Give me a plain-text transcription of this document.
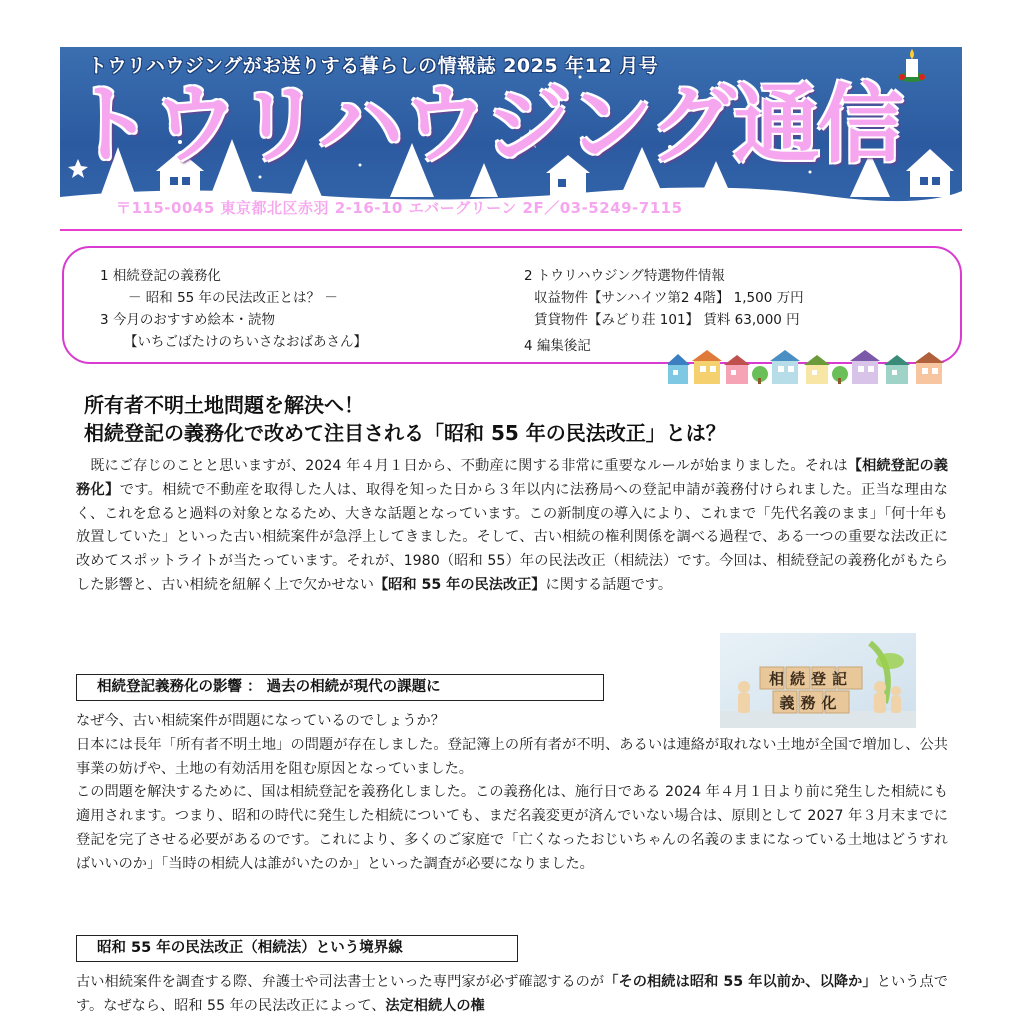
トウリハウジングがお送りする暮らしの情報誌 2025 年12 月号
トウリハウジング通信
〒115-0045 東京都北区赤羽 2-16-10 エバーグリーン 2F／03-5249-7115
1 相続登記の義務化
－ 昭和 55 年の民法改正とは？ －
3 今月のおすすめ絵本・読物
【いちごばたけのちいさなおばあさん】
2 トウリハウジング特選物件情報
収益物件【サンハイツ第2 4階】 1,500 万円
賃貸物件【みどり荘 101】 賃料 63,000 円
4 編集後記
所有者不明土地問題を解決へ！
相続登記の義務化で改めて注目される「昭和 55 年の民法改正」とは？
既にご存じのことと思いますが、2024 年４月１日から、不動産に関する非常に重要なルールが始まりました。それは【相続登記の義務化】です。相続で不動産を取得した人は、取得を知った日から３年以内に法務局への登記申請が義務付けられました。正当な理由なく、これを怠ると過料の対象となるため、大きな話題となっています。この新制度の導入により、これまで「先代名義のまま」「何十年も放置していた」といった古い相続案件が急浮上してきました。そして、古い相続の権利関係を調べる過程で、ある一つの重要な法改正に改めてスポットライトが当たっています。それが、1980（昭和 55）年の民法改正（相続法）です。今回は、相続登記の義務化がもたらした影響と、古い相続を紐解く上で欠かせない【昭和 55 年の民法改正】に関する話題です。
相続登記義務化の影響 ： 過去の相続が現代の課題に	相続登記
義務化
なぜ今、古い相続案件が問題になっているのでしょうか？
日本には長年「所有者不明土地」の問題が存在しました。登記簿上の所有者が不明、あるいは連絡が取れない土地が全国で増加し、公共事業の妨げや、土地の有効活用を阻む原因となっていました。
この問題を解決するために、国は相続登記を義務化しました。この義務化は、施行日である 2024 年４月１日より前に発生した相続にも適用されます。つまり、昭和の時代に発生した相続についても、まだ名義変更が済んでいない場合は、原則として 2027 年３月末までに登記を完了させる必要があるのです。これにより、多くのご家庭で「亡くなったおじいちゃんの名義のままになっている土地はどうすればいいのか」「当時の相続人は誰がいたのか」といった調査が必要になりました。
昭和 55 年の民法改正（相続法）という境界線
古い相続案件を調査する際、弁護士や司法書士といった専門家が必ず確認するのが「その相続は昭和 55 年以前か、以降か」という点です。なぜなら、昭和 55 年の民法改正によって、法定相続人の権
